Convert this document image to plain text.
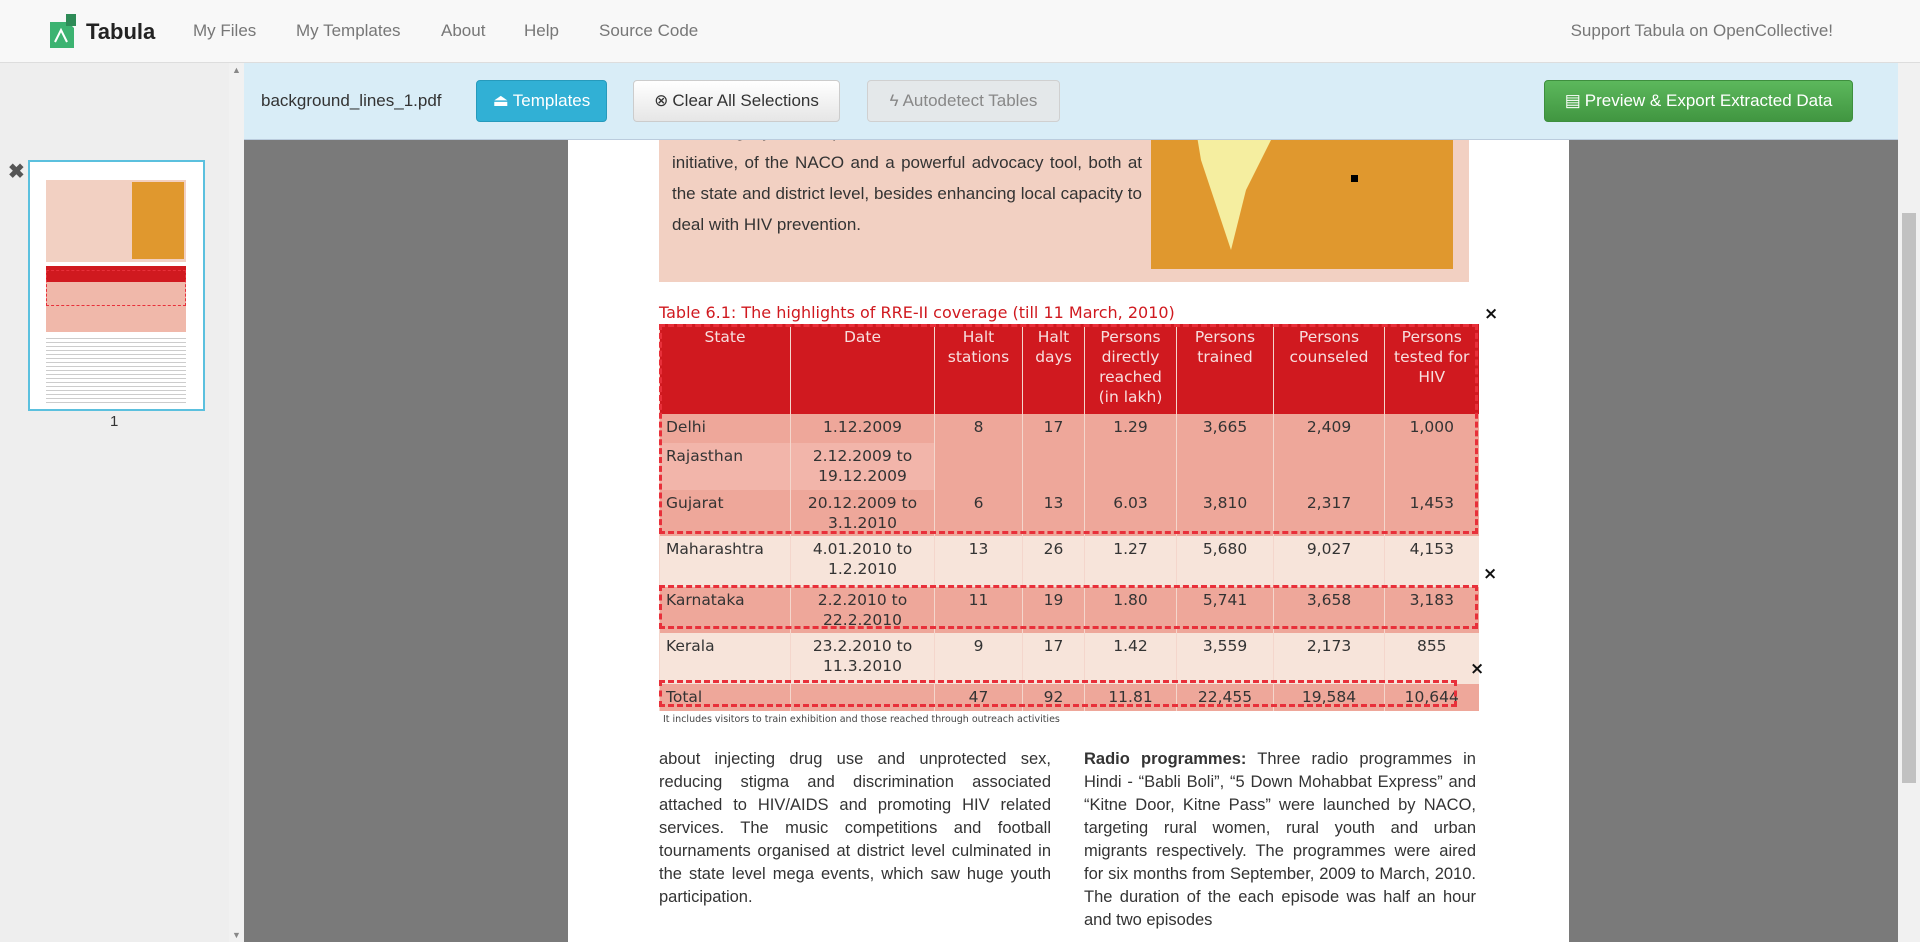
Tabula My Files My Templates About Help Source Code	Support Tabula on OpenCollective!
✖
1
▲
▼
background_lines_1.pdf	⏏ Templates	⊗ Clear All Selections	ϟ Autodetect Tables	▤ Preview & Export Extracted Data

initiative, of the NACO and a powerful advocacy tool, both at the state and district level, besides enhancing local capacity to deal with HIV prevention.

Table 6.1: The highlights of RRE-II coverage (till 11 March, 2010)
State	Date	Halt stations	Halt days	Persons directly reached (in lakh)	Persons trained	Persons counseled	Persons tested for HIV
Delhi	1.12.2009	8	17	1.29	3,665	2,409	1,000
Rajasthan	2.12.2009 to 19.12.2009						
Gujarat	20.12.2009 to 3.1.2010	6	13	6.03	3,810	2,317	1,453
Maharashtra	4.01.2010 to 1.2.2010	13	26	1.27	5,680	9,027	4,153
Karnataka	2.2.2010 to 22.2.2010	11	19	1.80	5,741	3,658	3,183
Kerala	23.2.2010 to 11.3.2010	9	17	1.42	3,559	2,173	855
Total		47	92	11.81	22,455	19,584	10,644
×
×
×
It includes visitors to train exhibition and those reached through outreach activities

about injecting drug use and unprotected sex, reducing stigma and discrimination associated attached to HIV/AIDS and promoting HIV related services. The music competitions and football tournaments organised at district level culminated in the state level mega events, which saw huge youth participation.

Radio programmes: Three radio programmes in Hindi - “Babli Boli”, “5 Down Mohabbat Express” and “Kitne Door, Kitne Pass” were launched by NACO, targeting rural women, rural youth and urban migrants respectively. The programmes were aired for six months from September, 2009 to March, 2010. The duration of the each episode was half an hour and two episodes
